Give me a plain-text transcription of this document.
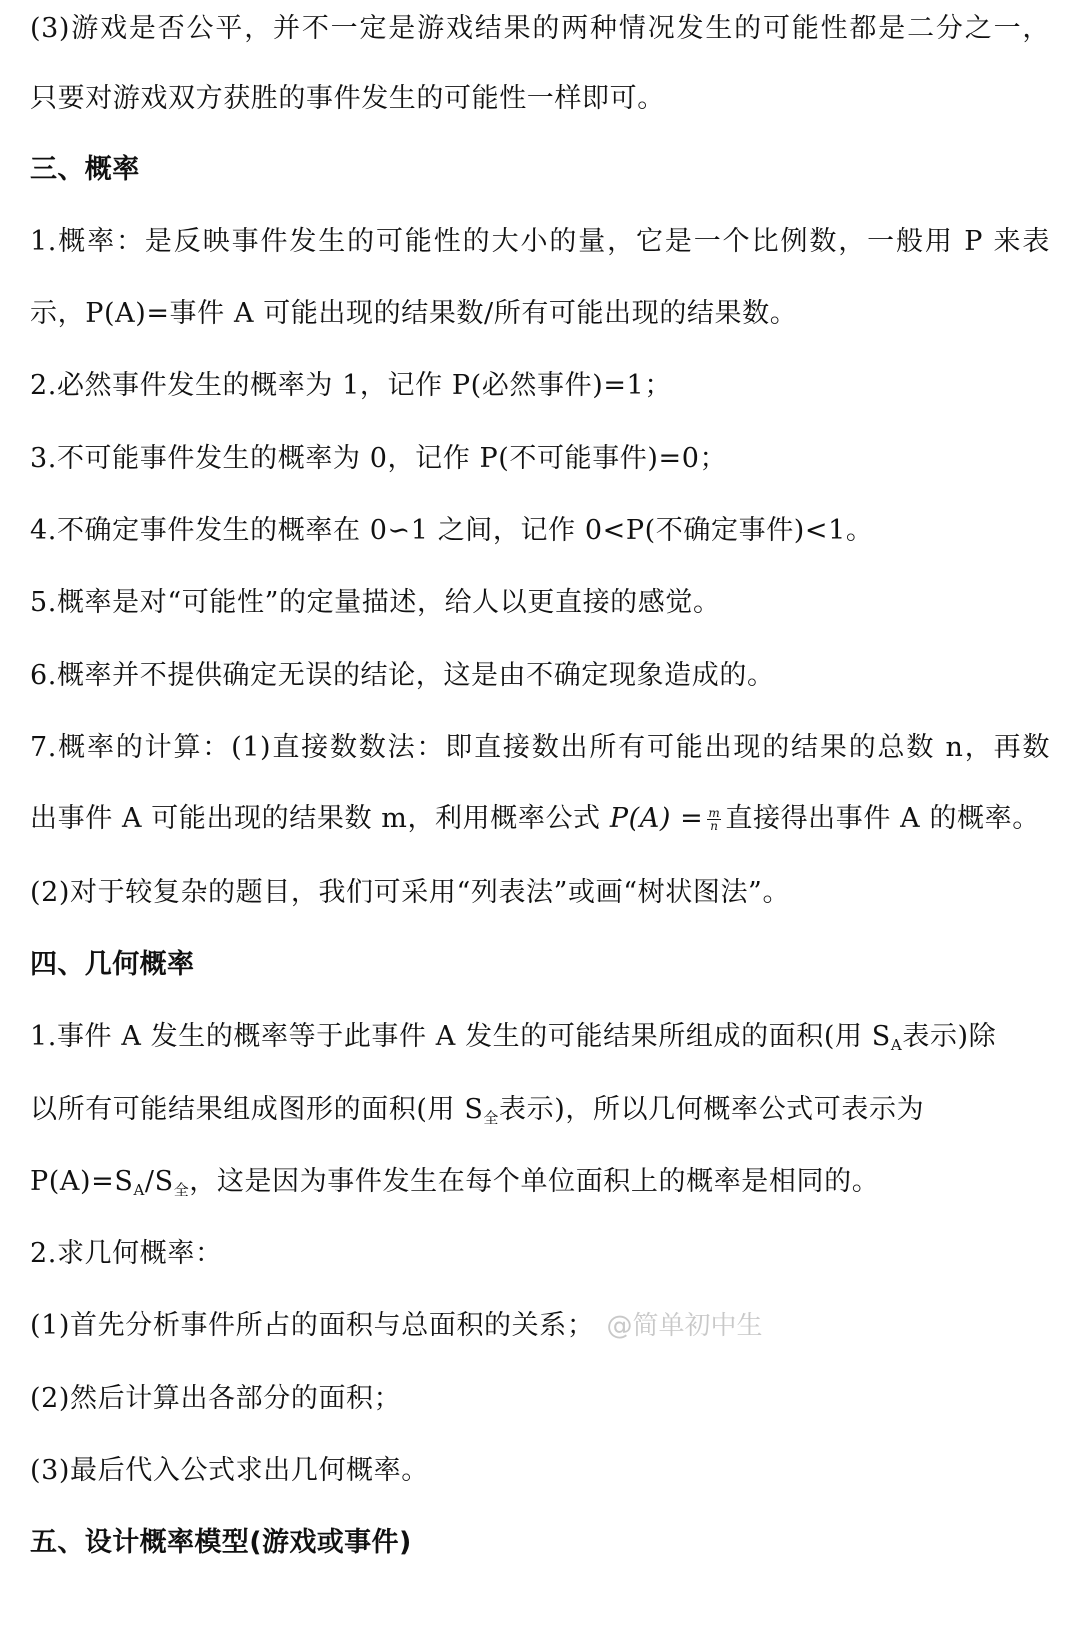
(3)游戏是否公平，并不一定是游戏结果的两种情况发生的可能性都是二分之一，
只要对游戏双方获胜的事件发生的可能性一样即可。
三、概率
1.概率：是反映事件发生的可能性的大小的量，它是一个比例数，一般用 P 来表
示，P(A)=事件 A 可能出现的结果数/所有可能出现的结果数。
2.必然事件发生的概率为 1，记作 P(必然事件)=1；
3.不可能事件发生的概率为 0，记作 P(不可能事件)=0；
4.不确定事件发生的概率在 0∽1 之间，记作 0<P(不确定事件)<1。
5.概率是对“可能性”的定量描述，给人以更直接的感觉。
6.概率并不提供确定无误的结论，这是由不确定现象造成的。
7.概率的计算：(1)直接数数法：即直接数出所有可能出现的结果的总数 n，再数
出事件 A 可能出现的结果数 m，利用概率公式 $P(A) = \frac{m}{n}$ 直接得出事件 A 的概率。
(2)对于较复杂的题目，我们可采用“列表法”或画“树状图法”。
四、几何概率
1.事件 A 发生的概率等于此事件 A 发生的可能结果所组成的面积(用 SA表示)除
以所有可能结果组成图形的面积(用 S全表示)，所以几何概率公式可表示为
P(A)=SA/S全，这是因为事件发生在每个单位面积上的概率是相同的。
2.求几何概率：
(1)首先分析事件所占的面积与总面积的关系； @简单初中生
(2)然后计算出各部分的面积；
(3)最后代入公式求出几何概率。
五、设计概率模型(游戏或事件)
